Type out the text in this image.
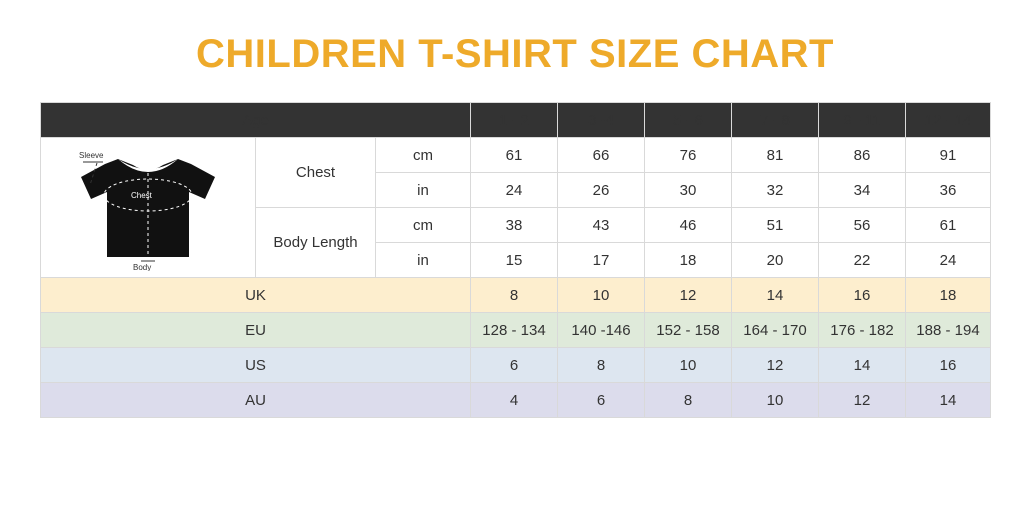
CHILDREN T-SHIRT SIZE CHART
Age			1 - 2	3 -4	5 - 6	7 - 8	9 - 11	12 - 14

Sleeve
Chest
Body	Chest	cm	61	66	76	81	86	91
		in	24	26	30	32	34	36
	Body Length	cm	38	43	46	51	56	61
		in	15	17	18	20	22	24
UK			8	10	12	14	16	18
EU			128 - 134	140 -146	152 - 158	164 - 170	176 - 182	188 - 194
US			6	8	10	12	14	16
AU			4	6	8	10	12	14
